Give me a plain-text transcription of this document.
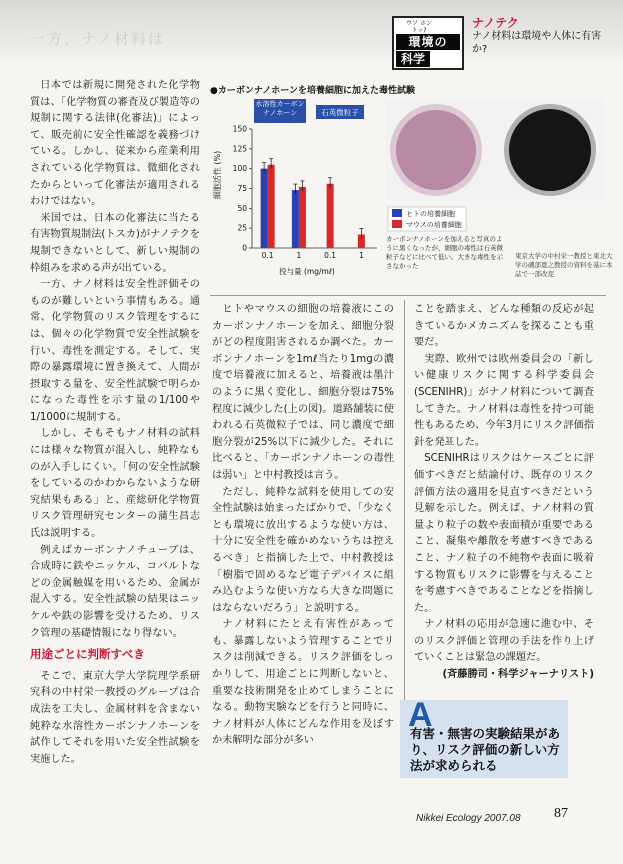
一方、ナノ材料は
ウソ ホントッ?
環境の
科学
ナノテク
ナノ材料は環境や人体に有害か?

日本では新規に開発された化学物質は、「化学物質の審査及び製造等の規制に関する法律(化審法)」によって、販売前に安全性確認を義務づけている。しかし、従来から産業利用されている化学物質は、微細化されたからといって化審法が適用されるわけではない。

米国では、日本の化審法に当たる有害物質規制法(トスカ)がナノテクを規制できないとして、新しい規制の枠組みを求める声が出ている。

一方、ナノ材料は安全性評価そのものが難しいという事情もある。通常、化学物質のリスク管理をするには、個々の化学物質で安全性試験を行い、毒性を測定する。そして、実際の暴露環境に置き換えて、人間が摂取する量を、安全性試験で明らかになった毒性を示す量の1/100や1/1000に規制する。

しかし、そもそもナノ材料の試料には様々な物質が混入し、純粋なものが入手しにくい。「何の安全性試験をしているのかわからないような研究結果もある」と、産総研化学物質リスク管理研究センターの蒲生昌志氏は説明する。

例えばカーボンナノチューブは、合成時に鉄やニッケル、コバルトなどの金属触媒を用いるため、金属が混入する。安全性試験の結果はニッケルや鉄の影響を受けるため、リスク管理の基礎情報になり得ない。

用途ごとに判断すべき

そこで、東京大学大学院理学系研究科の中村栄一教授のグループは合成法を工夫し、金属材料を含まない純粋な水溶性カーボンナノホーンを試作してそれを用いた安全性試験を実施した。

●カーボンナノホーンを培養細胞に加えた毒性試験
水溶性カーボンナノホーン	石英微粒子
0
25
50
75
100
125
150
0.1	1	0.1	1
投与量 (mg/mℓ)
細胞活性 (%)
ヒトの培養細胞
マウスの培養細胞
カーボンナノホーンを加えると写真のように黒くなったが、細胞の毒性は石英微粒子などに比べて低い。大きな毒性を示さなかった
東京大学の中村栄一教授と東北大学の磯部寛之教授の資料を基に本誌で一部改変

ヒトやマウスの細胞の培養液にこのカーボンナノホーンを加え、細胞分裂がどの程度阻害されるか調べた。カーボンナノホーンを1mℓ当たり1mgの濃度で培養液に加えると、培養液は墨汁のように黒く変化し、細胞分裂は75%程度に減少した(上の図)。道路舗装に使われる石英微粒子では、同じ濃度で細胞分裂が25%以下に減少した。それに比べると、「カーボンナノホーンの毒性は弱い」と中村教授は言う。

ただし、純粋な試料を使用しての安全性試験は始まったばかりで、「少なくとも環境に放出するような使い方は、十分に安全性を確かめないうちは控えるべき」と指摘した上で、中村教授は「樹脂で固めるなど電子デバイスに組み込むような使い方なら大きな問題にはならないだろう」と説明する。

ナノ材料にたとえ有害性があっても、暴露しないよう管理することでリスクは削減できる。リスク評価をしっかりして、用途ごとに判断しないと、重要な技術開発を止めてしまうことになる。動物実験などを行うと同時に、ナノ材料が人体にどんな作用を及ぼすか未解明な部分が多い

ことを踏まえ、どんな種類の反応が起きているかメカニズムを探ることも重要だ。

実際、欧州では欧州委員会の「新しい健康リスクに関する科学委員会(SCENIHR)」がナノ材料について調査してきた。ナノ材料は毒性を持つ可能性もあるため、今年3月にリスク評価指針を発표した。

SCENIHRはリスクはケースごとに評価すべきだと結論付け、既存のリスク評価方法の適用を見直すべきだという見解を示した。例えば、ナノ材料の質量より粒子の数や表面積が重要であること、凝集や離散を考慮すべきであること、ナノ粒子の不純物や表面に吸着する物質もリスクに影響を与えることを考慮すべきであることなどを指摘した。

ナノ材料の応用が急速に進む中、そのリスク評価と管理の手法を作り上げていくことは緊急の課題だ。

(斉藤勝司・科学ジャーナリスト)
A
有害・無害の実験結果があり、リスク評価の新しい方法が求められる
Nikkei Ecology 2007.08 87
